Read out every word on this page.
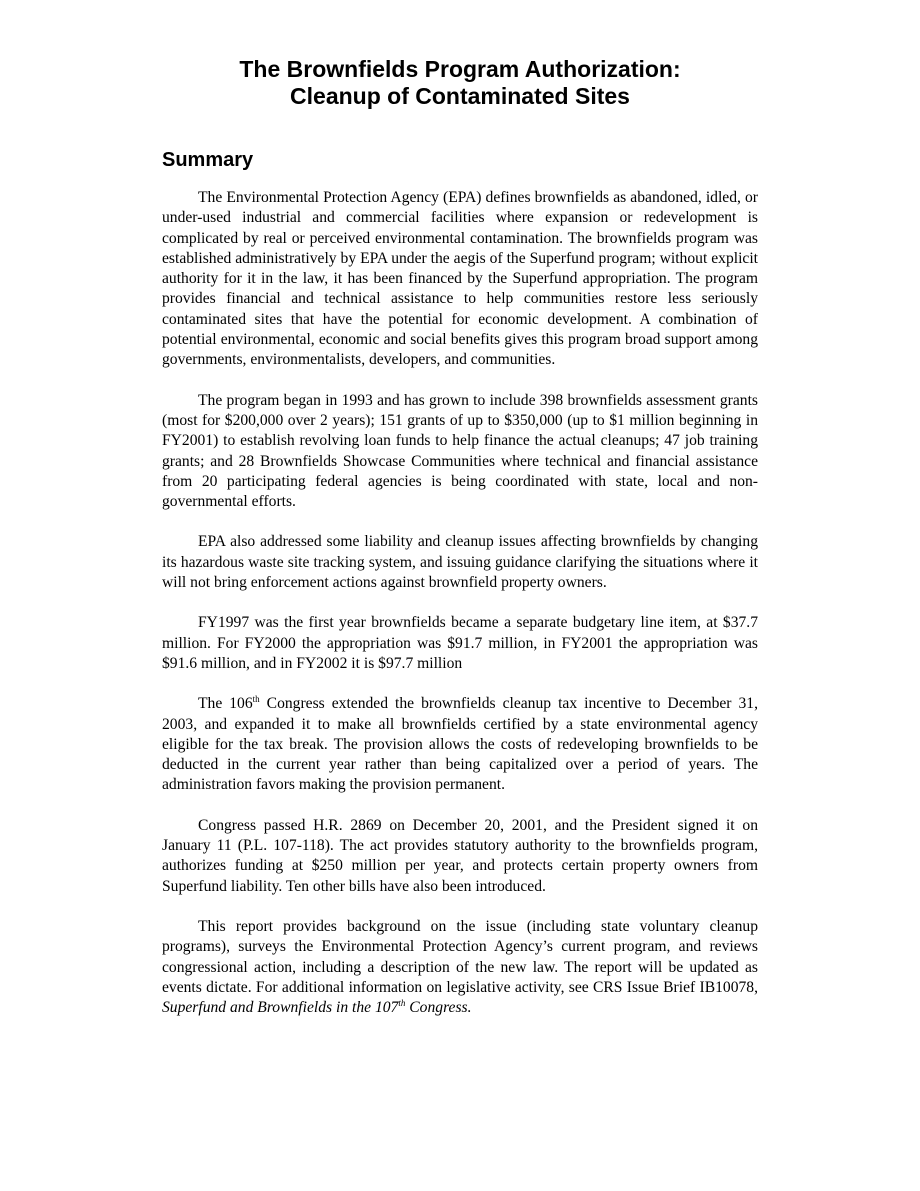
The Brownfields Program Authorization:
Cleanup of Contaminated Sites
Summary

The Environmental Protection Agency (EPA) defines brownfields as abandoned, idled, or under-used industrial and commercial facilities where expansion or redevelopment is complicated by real or perceived environmental contamination. The brownfields program was established administratively by EPA under the aegis of the Superfund program; without explicit authority for it in the law, it has been financed by the Superfund appropriation. The program provides financial and technical assistance to help communities restore less seriously contaminated sites that have the potential for economic development. A combination of potential environmental, economic and social benefits gives this program broad support among governments, environmentalists, developers, and communities.

The program began in 1993 and has grown to include 398 brownfields assessment grants (most for $200,000 over 2 years); 151 grants of up to $350,000 (up to $1 million beginning in FY2001) to establish revolving loan funds to help finance the actual cleanups; 47 job training grants; and 28 Brownfields Showcase Communities where technical and financial assistance from 20 participating federal agencies is being coordinated with state, local and non-governmental efforts.

EPA also addressed some liability and cleanup issues affecting brownfields by changing its hazardous waste site tracking system, and issuing guidance clarifying the situations where it will not bring enforcement actions against brownfield property owners.

FY1997 was the first year brownfields became a separate budgetary line item, at $37.7 million. For FY2000 the appropriation was $91.7 million, in FY2001 the appropriation was $91.6 million, and in FY2002 it is $97.7 million

The 106th Congress extended the brownfields cleanup tax incentive to December 31, 2003, and expanded it to make all brownfields certified by a state environmental agency eligible for the tax break. The provision allows the costs of redeveloping brownfields to be deducted in the current year rather than being capitalized over a period of years. The administration favors making the provision permanent.

Congress passed H.R. 2869 on December 20, 2001, and the President signed it on January 11 (P.L. 107-118). The act provides statutory authority to the brownfields program, authorizes funding at $250 million per year, and protects certain property owners from Superfund liability. Ten other bills have also been introduced.

This report provides background on the issue (including state voluntary cleanup programs), surveys the Environmental Protection Agency’s current program, and reviews congressional action, including a description of the new law. The report will be updated as events dictate. For additional information on legislative activity, see CRS Issue Brief IB10078, Superfund and Brownfields in the 107th Congress.
